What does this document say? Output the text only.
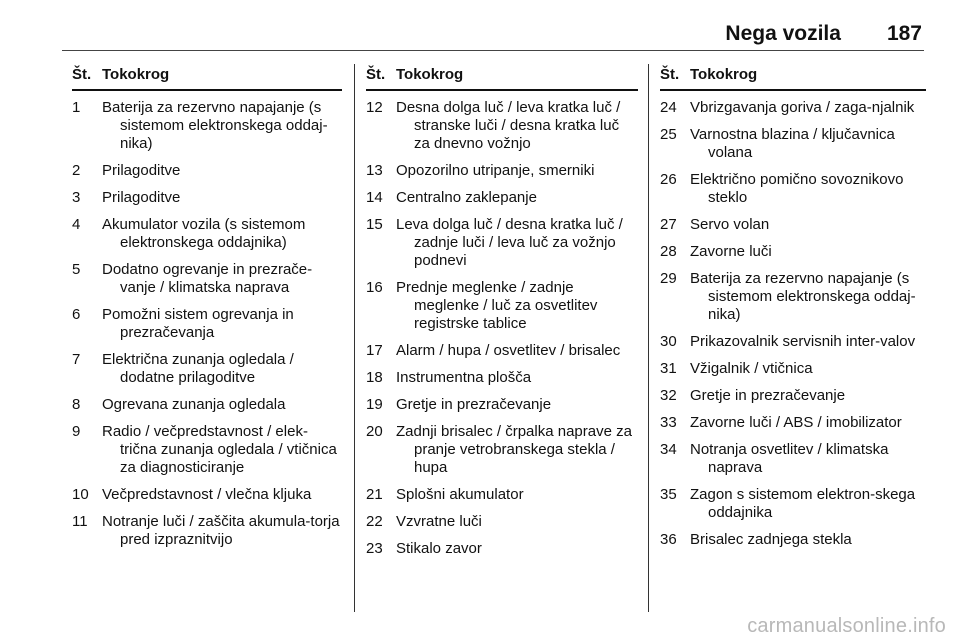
Nega vozila 187
Št. Tokokrog
1	Baterija za rezervno napajanje (s sistemom elektronskega oddaj-nika)
2	Prilagoditve
3	Prilagoditve
4	Akumulator vozila (s sistemom elektronskega oddajnika)
5	Dodatno ogrevanje in prezrače-vanje / klimatska naprava
6	Pomožni sistem ogrevanja in prezračevanja
7	Električna zunanja ogledala / dodatne prilagoditve
8	Ogrevana zunanja ogledala
9	Radio / večpredstavnost / elek-trična zunanja ogledala / vtičnica za diagnosticiranje
10 Večpredstavnost / vlečna kljuka
11 Notranje luči / zaščita akumula-torja pred izpraznitvijo
Št. Tokokrog
12 Desna dolga luč / leva kratka luč / stranske luči / desna kratka luč za dnevno vožnjo
13 Opozorilno utripanje, smerniki
14 Centralno zaklepanje
15 Leva dolga luč / desna kratka luč / zadnje luči / leva luč za vožnjo podnevi
16 Prednje meglenke / zadnje meglenke / luč za osvetlitev registrske tablice
17 Alarm / hupa / osvetlitev / brisalec
18 Instrumentna plošča
19 Gretje in prezračevanje
20 Zadnji brisalec / črpalka naprave za pranje vetrobranskega stekla / hupa
21 Splošni akumulator
22 Vzvratne luči
23 Stikalo zavor
Št. Tokokrog
24 Vbrizgavanja goriva / zaga-njalnik
25 Varnostna blazina / ključavnica volana
26 Električno pomično sovoznikovo steklo
27 Servo volan
28 Zavorne luči
29 Baterija za rezervno napajanje (s sistemom elektronskega oddaj-nika)
30 Prikazovalnik servisnih inter-valov
31 Vžigalnik / vtičnica
32 Gretje in prezračevanje
33 Zavorne luči / ABS / imobilizator
34 Notranja osvetlitev / klimatska naprava
35 Zagon s sistemom elektron-skega oddajnika
36 Brisalec zadnjega stekla
carmanualsonline.info
